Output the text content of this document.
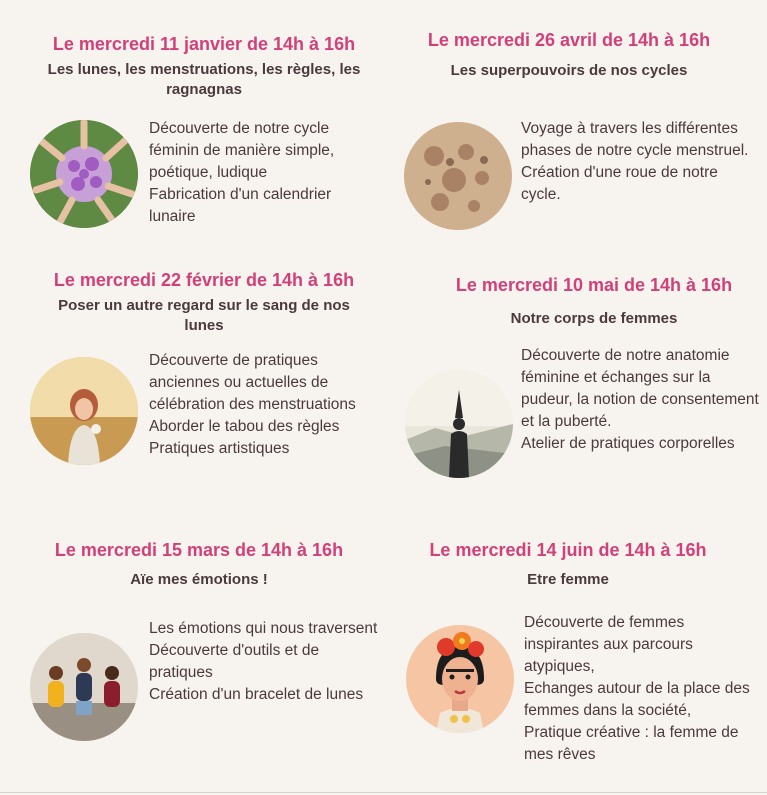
Le mercredi 11 janvier de 14h à 16h
Les lunes, les menstruations, les règles, les ragnagnas

Découverte de notre cycle féminin de manière simple, poétique, ludique

Fabrication d'un calendrier lunaire

Le mercredi 26 avril de 14h à 16h
Les superpouvoirs de nos cycles

Voyage à travers les différentes phases de notre cycle menstruel.

Création d'une roue de notre cycle.

Le mercredi 22 février de 14h à 16h
Poser un autre regard sur le sang de nos lunes

Découverte de pratiques anciennes ou actuelles de célébration des menstruations

Aborder le tabou des règles

Pratiques artistiques

Le mercredi 10 mai de 14h à 16h
Notre corps de femmes

Découverte de notre anatomie féminine et échanges sur la pudeur, la notion de consentement et la puberté.

Atelier de pratiques corporelles

Le mercredi 15 mars de 14h à 16h
Aïe mes émotions !

Les émotions qui nous traversent

Découverte d'outils et de pratiques

Création d'un bracelet de lunes

Le mercredi 14 juin de 14h à 16h
Etre femme

Découverte de femmes inspirantes aux parcours atypiques,

Echanges autour de la place des femmes dans la société,

Pratique créative : la femme de mes rêves
